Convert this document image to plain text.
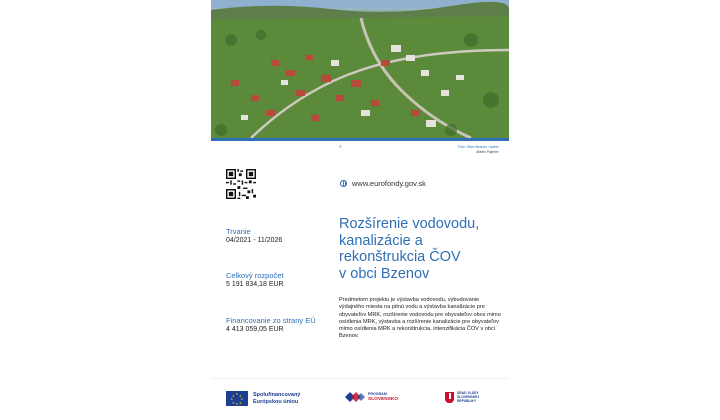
©	Foto: Obec Bzenov / archív
Martin Pajenec
www.eurofondy.gov.sk
Trvanie
04/2021 - 11/2026
Celkový rozpočet
5 191 834,18 EUR
Financovanie zo strany EÚ
4 413 059,05 EUR
Rozšírenie vodovodu,
kanalizácie a
rekonštrukcia ČOV
v obci Bzenov
Predmetom projektu je výstavba vodovodu, vybudovanie výdajného miesta na pitnú vodu a výstavba kanalizácie pre obyvateľov MRK, rozšírenie vodovodu pre obyvateľov obce mimo osídlenia MRK, výstavba a rozšírenie kanalizácie pre obyvateľov mimo osídlenia MRK a rekonštrukcia, intenzifikácia ČOV v obci Bzenov.
★ ★
★
★
★
★
★
★	Spolufinancovaný
Európskou úniou
PROGRAM
SLOVENSKO
ÚRAD VLÁDY
SLOVENSKEJ REPUBLIKY
